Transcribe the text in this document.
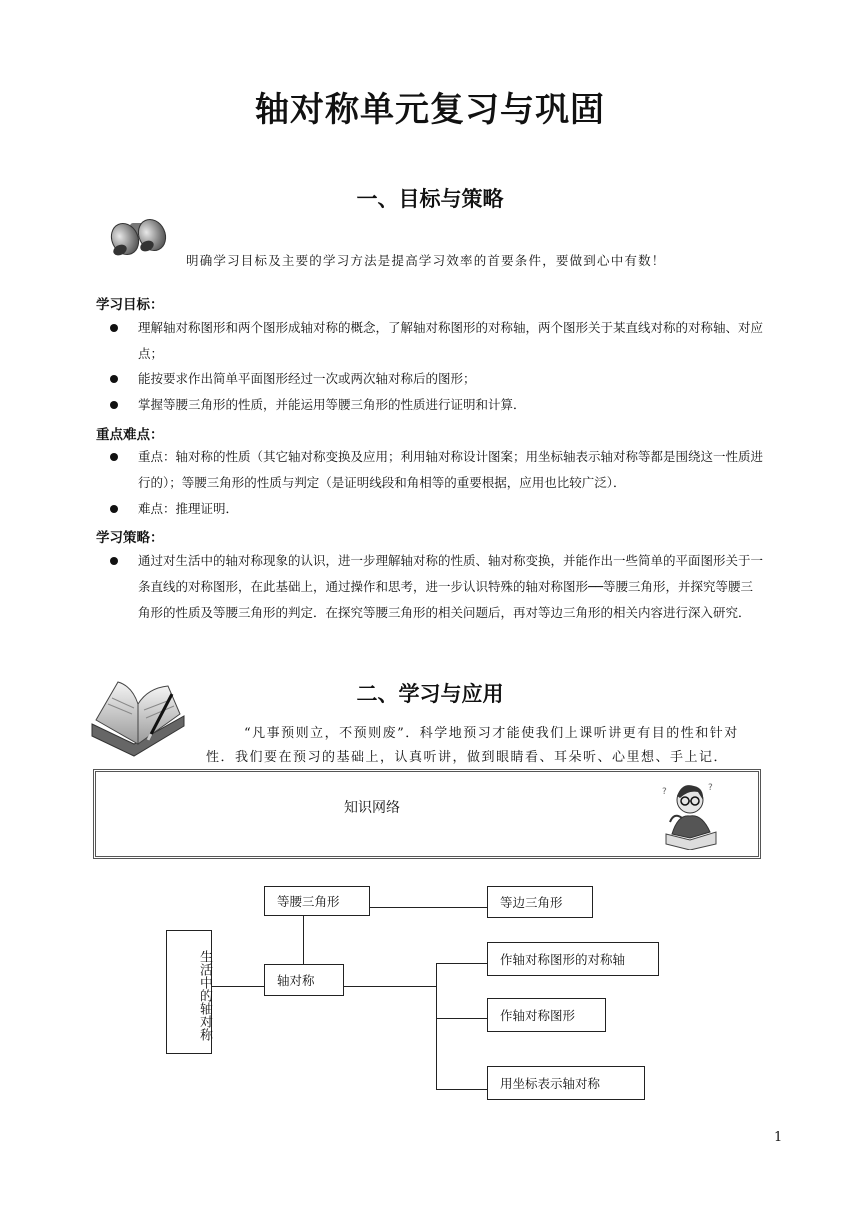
轴对称单元复习与巩固
一、目标与策略
明确学习目标及主要的学习方法是提高学习效率的首要条件，要做到心中有数！
学习目标：
理解轴对称图形和两个图形成轴对称的概念，了解轴对称图形的对称轴，两个图形关于某直线对称的对称轴、对应
点；
能按要求作出简单平面图形经过一次或两次轴对称后的图形；
掌握等腰三角形的性质，并能运用等腰三角形的性质进行证明和计算．
重点难点：
重点：轴对称的性质（其它轴对称变换及应用；利用轴对称设计图案；用坐标轴表示轴对称等都是围绕这一性质进
行的）；等腰三角形的性质与判定（是证明线段和角相等的重要根据，应用也比较广泛）．
难点：推理证明．
学习策略：
通过对生活中的轴对称现象的认识，进一步理解轴对称的性质、轴对称变换，并能作出一些简单的平面图形关于一
条直线的对称图形，在此基础上，通过操作和思考，进一步认识特殊的轴对称图形──等腰三角形，并探究等腰三
角形的性质及等腰三角形的判定．在探究等腰三角形的相关问题后，再对等边三角形的相关内容进行深入研究．
二、学习与应用
“凡事预则立，不预则废”．科学地预习才能使我们上课听讲更有目的性和针对
性．我们要在预习的基础上，认真听讲，做到眼睛看、耳朵听、心里想、手上记．
知识网络
?	?
生活中的轴对称
等腰三角形	等边三角形
轴对称
作轴对称图形的对称轴
作轴对称图形
用坐标表示轴对称
1
